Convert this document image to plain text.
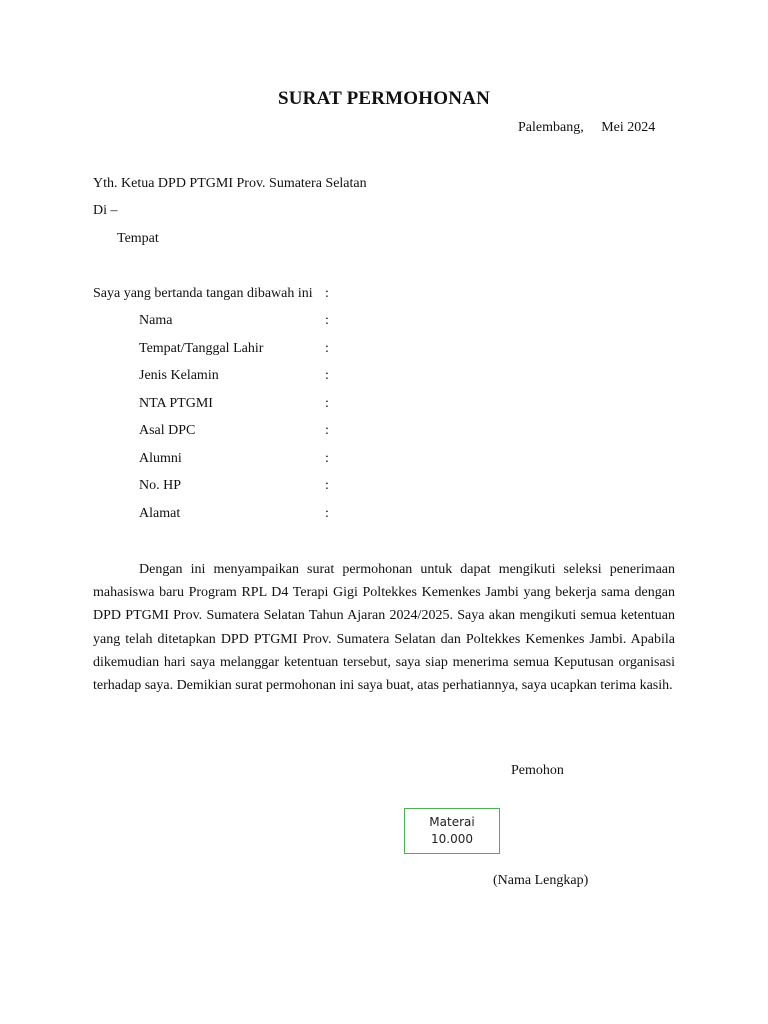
SURAT PERMOHONAN
Palembang,     Mei 2024
Yth. Ketua DPD PTGMI Prov. Sumatera Selatan
Di –
Tempat
Saya yang bertanda tangan dibawah ini :
Nama	:
Tempat/Tanggal Lahir	:
Jenis Kelamin	:
NTA PTGMI	:
Asal DPC	:
Alumni	:
No. HP	:
Alamat	:
Dengan ini menyampaikan surat permohonan untuk dapat mengikuti seleksi penerimaan mahasiswa baru Program RPL D4 Terapi Gigi Poltekkes Kemenkes Jambi yang bekerja sama dengan DPD PTGMI Prov. Sumatera Selatan Tahun Ajaran 2024/2025. Saya akan mengikuti semua ketentuan yang telah ditetapkan DPD PTGMI Prov. Sumatera Selatan dan Poltekkes Kemenkes Jambi. Apabila dikemudian hari saya melanggar ketentuan tersebut, saya siap menerima semua Keputusan organisasi terhadap saya. Demikian surat permohonan ini saya buat, atas perhatiannya, saya ucapkan terima kasih.
Pemohon
Materai
10.000
(Nama Lengkap)
